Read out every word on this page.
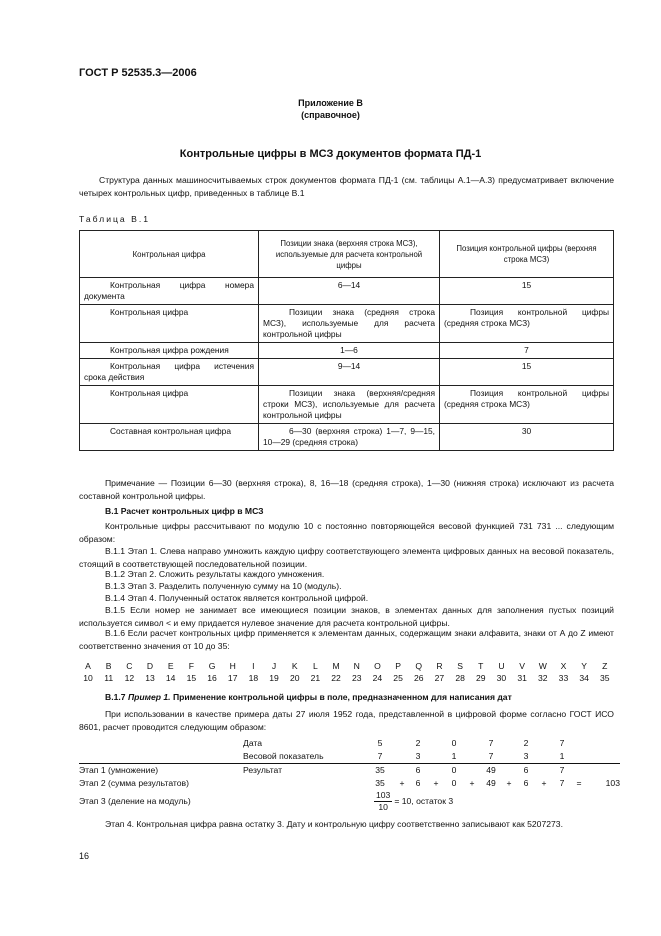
ГОСТ Р 52535.3—2006
Приложение В
(справочное)
Контрольные цифры в МСЗ документов формата ПД-1

Структура данных машиносчитываемых строк документов формата ПД-1 (см. таблицы А.1—А.3) предусматривает включение четырех контрольных цифр, приведенных в таблице В.1

Таблица В.1
Контрольная цифра	Позиции знака (верхняя строка МСЗ), используемые для расчета контрольной цифры	Позиция контрольной цифры (верхняя строка МСЗ)
Контрольная цифра номера документа	6—14	15
Контрольная цифра	Позиции знака (средняя строка МСЗ), используемые для расчета контрольной цифры	Позиция контрольной цифры (средняя строка МСЗ)
Контрольная цифра рождения	1—6	7
Контрольная цифра истечения срока действия	9—14	15
Контрольная цифра	Позиции знака (верхняя/средняя строки МСЗ), используемые для расчета контрольной цифры	Позиция контрольной цифры (средняя строка МСЗ)
Составная контрольная цифра	6—30 (верхняя строка) 1—7, 9—15, 10—29 (средняя строка)	30

Примечание — Позиции 6—30 (верхняя строка), 8, 16—18 (средняя строка), 1—30 (нижняя строка) исключают из расчета составной контрольной цифры.

В.1 Расчет контрольных цифр в МСЗ

Контрольные цифры рассчитывают по модулю 10 с постоянно повторяющейся весовой функцией 731 731 ... следующим образом:

В.1.1 Этап 1. Слева направо умножить каждую цифру соответствующего элемента цифровых данных на весовой показатель, стоящий в соответствующей последовательной позиции.

В.1.2 Этап 2. Сложить результаты каждого умножения.
В.1.3 Этап 3. Разделить полученную сумму на 10 (модуль).
В.1.4 Этап 4. Полученный остаток является контрольной цифрой.

В.1.5 Если номер не занимает все имеющиеся позиции знаков, в элементах данных для заполнения пустых позиций используется символ < и ему придается нулевое значение для расчета контрольной цифры.

В.1.6 Если расчет контрольных цифр применяется к элементам данных, содержащим знаки алфавита, знаки от А до Z имеют соответственно значения от 10 до 35:

A	B	C	D	E	F	G	H	I	J	K	L	M	N	O	P	Q	R	S	T	U	V	W	X	Y	Z
10	11	12	13	14	15	16	17	18	19	20	21	22	23	24	25	26	27	28	29	30	31	32	33	34	35
В.1.7 Пример 1. Применение контрольной цифры в поле, предназначенном для написания дат

При использовании в качестве примера даты 27 июля 1952 года, представленной в цифровой форме согласно ГОСТ ИСО 8601, расчет проводится следующим образом:

	Дата	5		2		0		7		2		7		
	Весовой показатель	7		3		1		7		3		1		
Этап 1 (умножение)	Результат	35		6		0		49		6		7		
Этап 2 (сумма результатов)		35	+	6	+	0	+	49	+	6	+	7	=	103
Этап 3 (деление на модуль)		$\frac{103}{10} = 10$, остаток 3												

Этап 4. Контрольная цифра равна остатку 3. Дату и контрольную цифру соответственно записывают как 5207273.

16
